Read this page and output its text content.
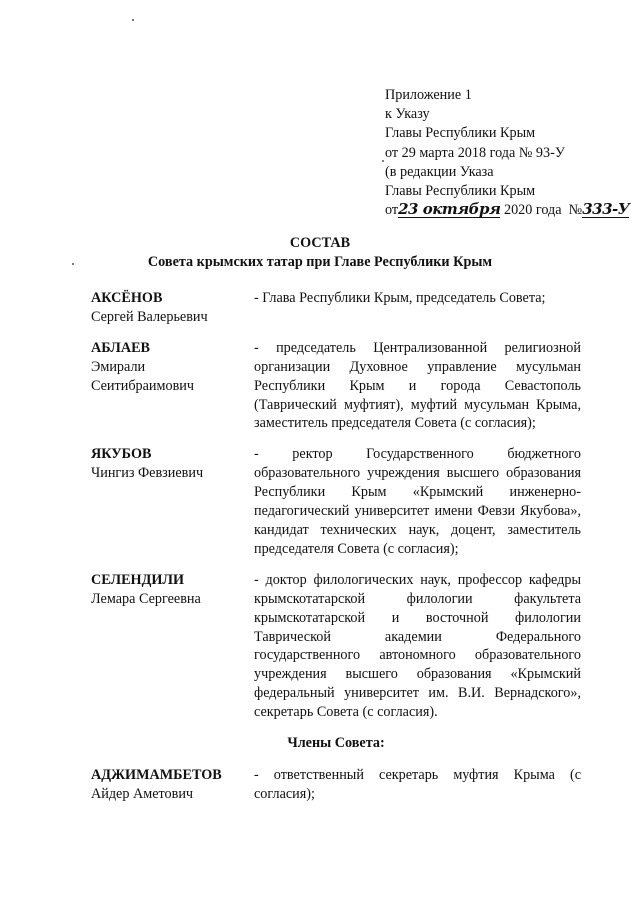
Приложение 1
к Указу
Главы Республики Крым
от 29 марта 2018 года № 93-У
(в редакции Указа
Главы Республики Крым
от23 октября 2020 года №333-У
СОСТАВ
Совета крымских татар при Главе Республики Крым
АКСЁНОВ
Сергей Валерьевич
- Глава Республики Крым, председатель Совета;
АБЛАЕВ
Эмирали
Сеитибраимович
- председатель Централизованной религиозной организации Духовное управление мусульман Республики Крым и города Севастополь (Таврический муфтият), муфтий мусульман Крыма, заместитель председателя Совета (с согласия);
ЯКУБОВ
Чингиз Февзиевич
- ректор Государственного бюджетного образовательного учреждения высшего образования Республики Крым «Крымский инженерно-педагогический университет имени Февзи Якубова», кандидат технических наук, доцент, заместитель председателя Совета (с согласия);
СЕЛЕНДИЛИ
Лемара Сергеевна
- доктор филологических наук, профессор кафедры крымскотатарской филологии факультета крымскотатарской и восточной филологии Таврической академии Федерального государственного автономного образовательного учреждения высшего образования «Крымский федеральный университет им. В.И. Вернадского», секретарь Совета (с согласия).
Члены Совета:
АДЖИМАМБЕТОВ
Айдер Аметович
- ответственный секретарь муфтия Крыма (с согласия);
